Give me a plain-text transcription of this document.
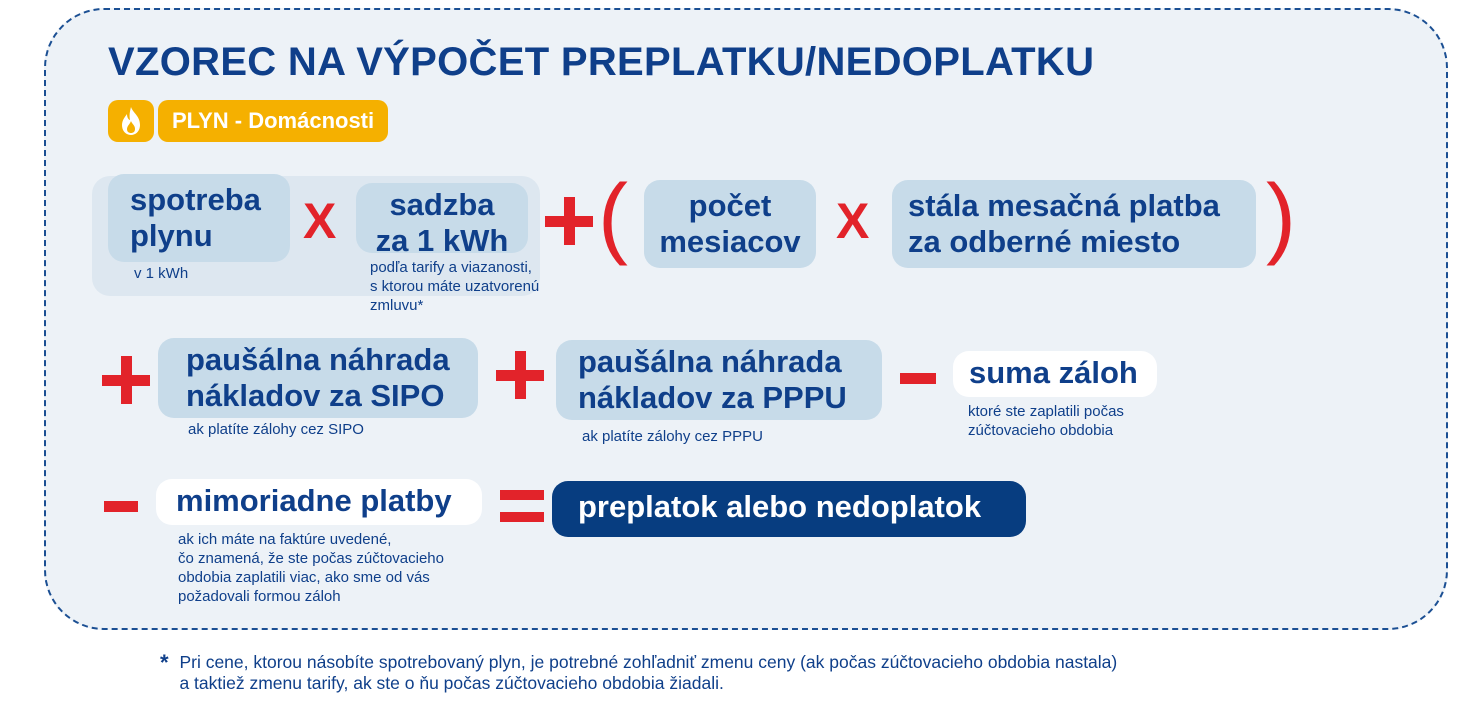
VZOREC NA VÝPOČET PREPLATKU/NEDOPLATKU
PLYN - Domácnosti
spotreba
plynu
v 1 kWh
X	sadzba
za 1 kWh
podľa tarify a viazanosti,
s ktorou máte uzatvorenú
zmluvu*
(	počet
mesiacov X stála mesačná platba
za odberné miesto )
paušálna náhrada
nákladov za SIPO
ak platíte zálohy cez SIPO
paušálna náhrada
nákladov za PPPU
ak platíte zálohy cez PPPU
suma záloh
ktoré ste zaplatili počas
zúčtovacieho obdobia
mimoriadne platby
ak ich máte na faktúre uvedené,
čo znamená, že ste počas zúčtovacieho
obdobia zaplatili viac, ako sme od vás
požadovali formou záloh
preplatok alebo nedoplatok
* Pri cene, ktorou násobíte spotrebovaný plyn, je potrebné zohľadniť zmenu ceny (ak počas zúčtovacieho obdobia nastala)
a taktiež zmenu tarify, ak ste o ňu počas zúčtovacieho obdobia žiadali.
